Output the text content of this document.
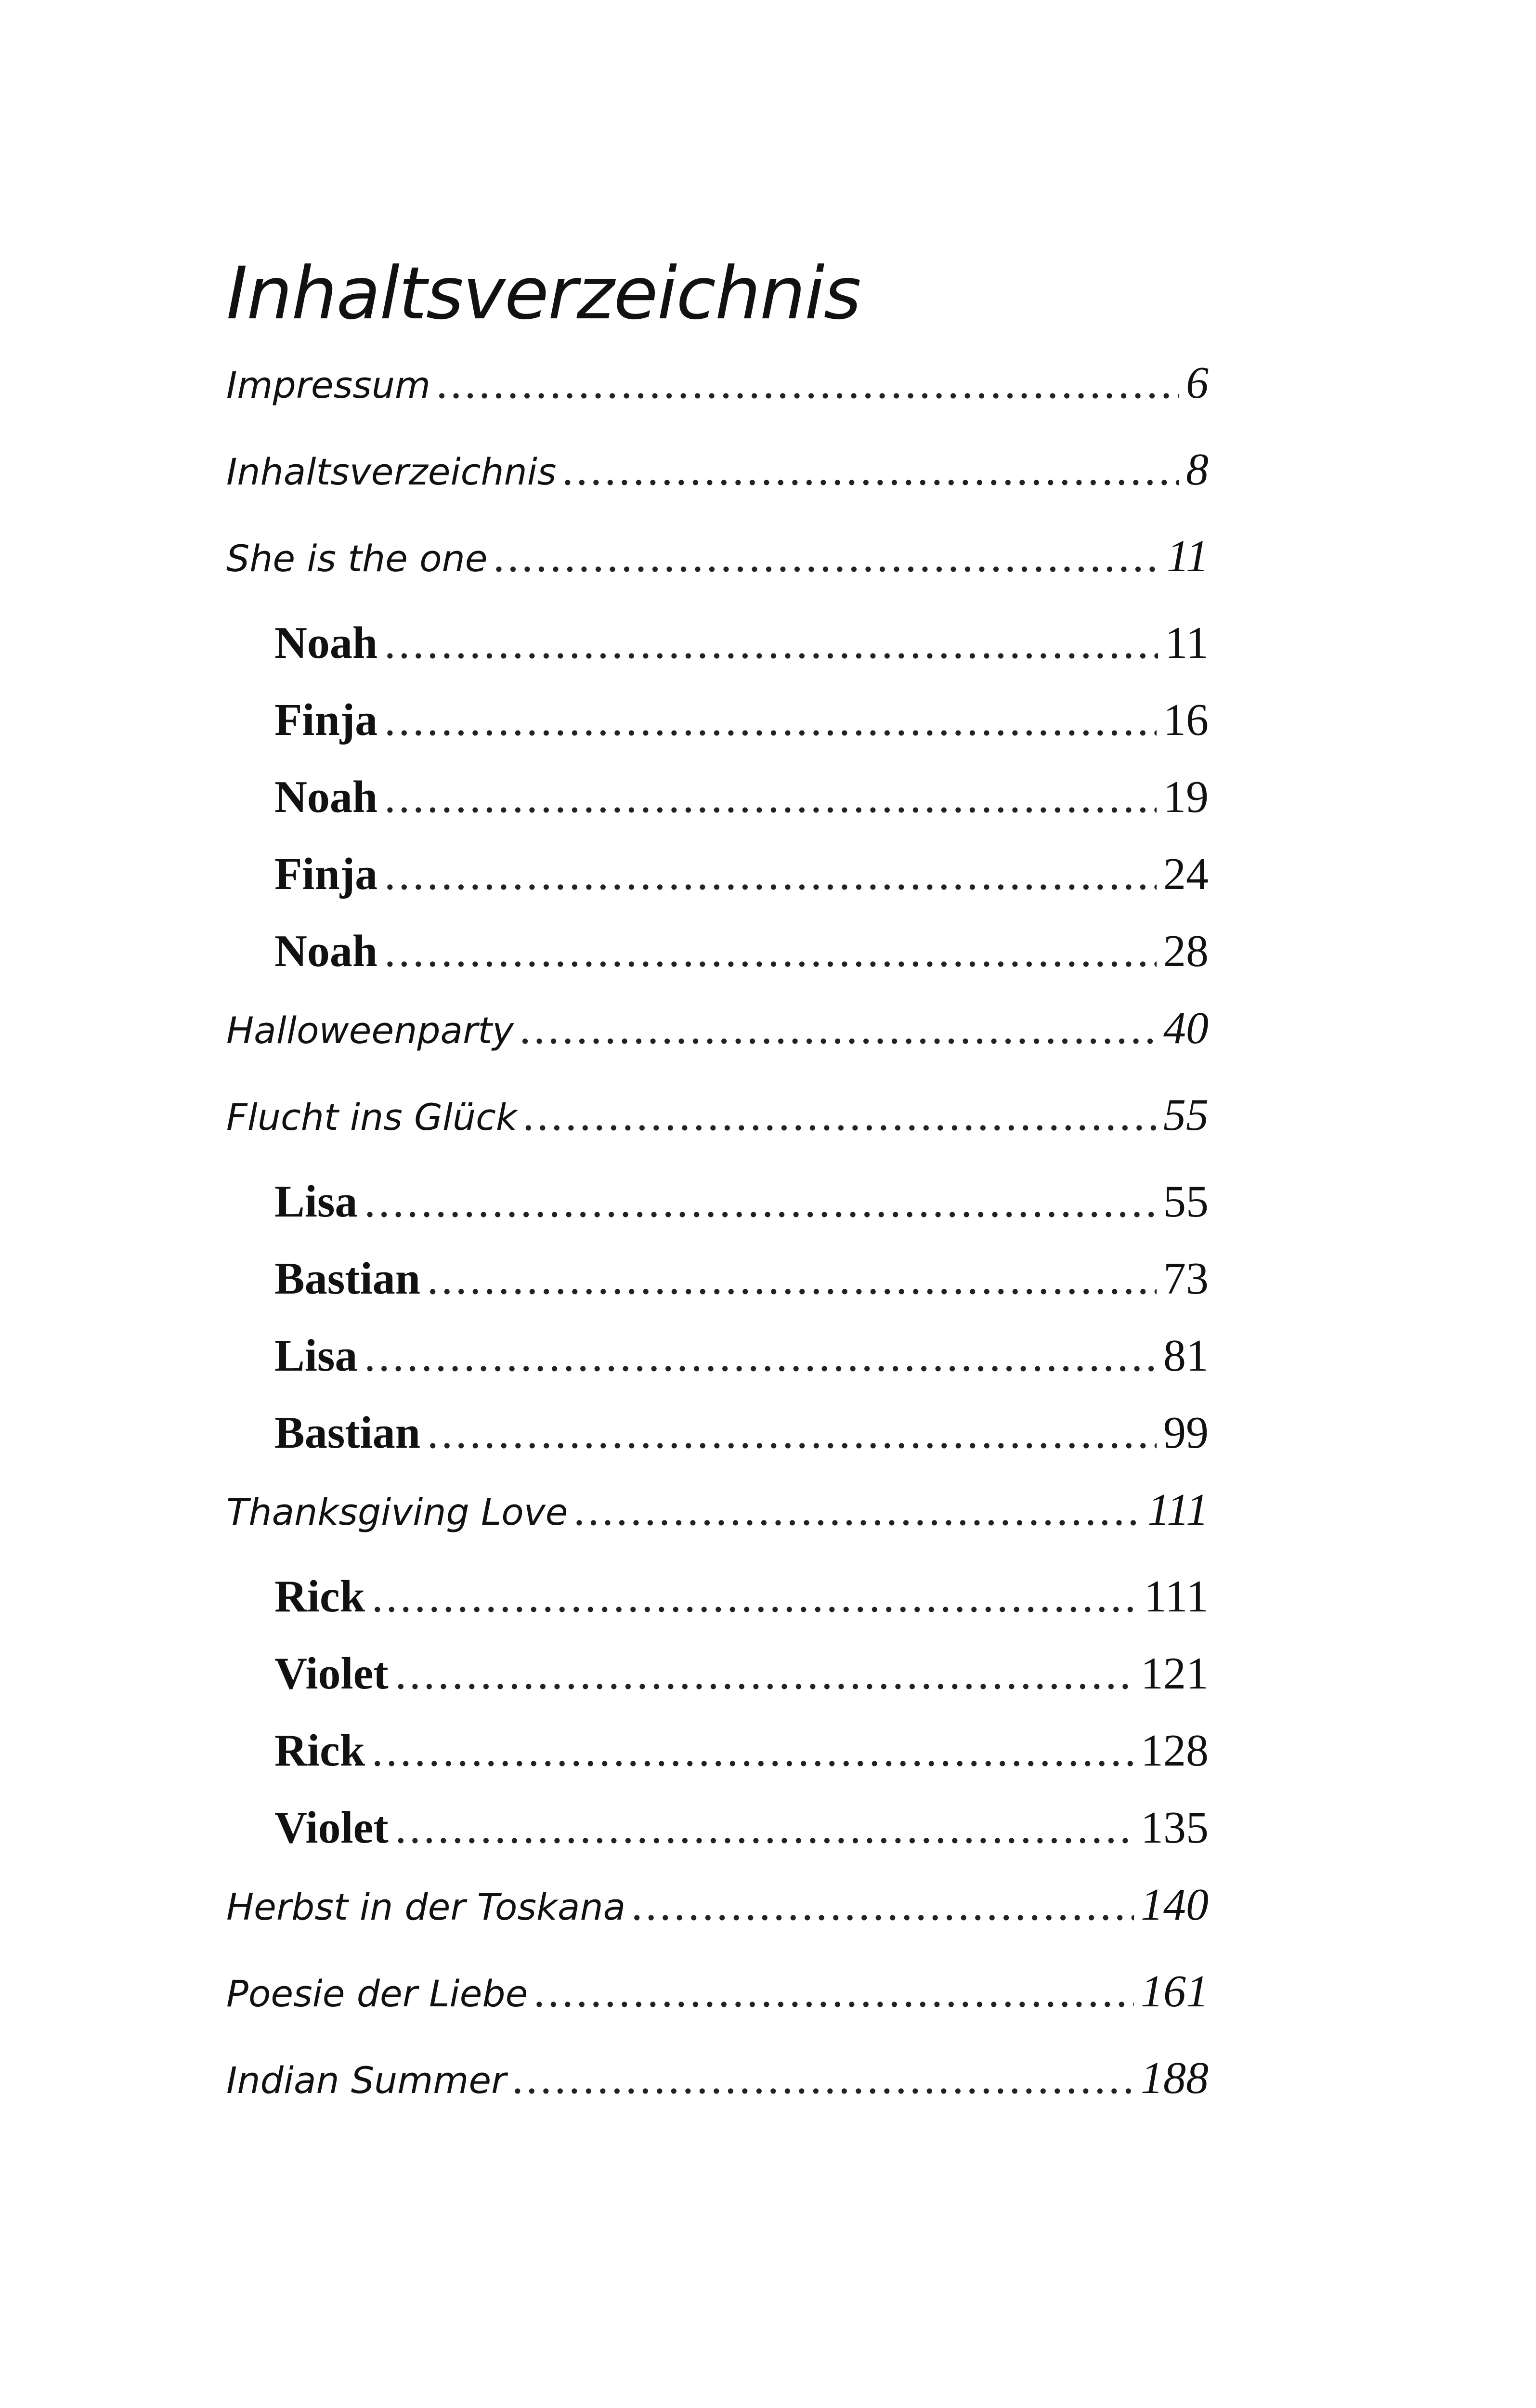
Inhaltsverzeichnis
Impressum .....	6
Inhaltsverzeichnis .....	8
She is the one .....	11
Noah .....	11
Finja .....	16
Noah .....	19
Finja .....	24
Noah .....	28
Halloweenparty .....	40
Flucht ins Glück .....	55
Lisa .....	55
Bastian .....	73
Lisa .....	81
Bastian .....	99
Thanksgiving Love .....	111
Rick .....	111
Violet .....	121
Rick .....	128
Violet .....	135
Herbst in der Toskana .....	140
Poesie der Liebe .....	161
Indian Summer .....	188
